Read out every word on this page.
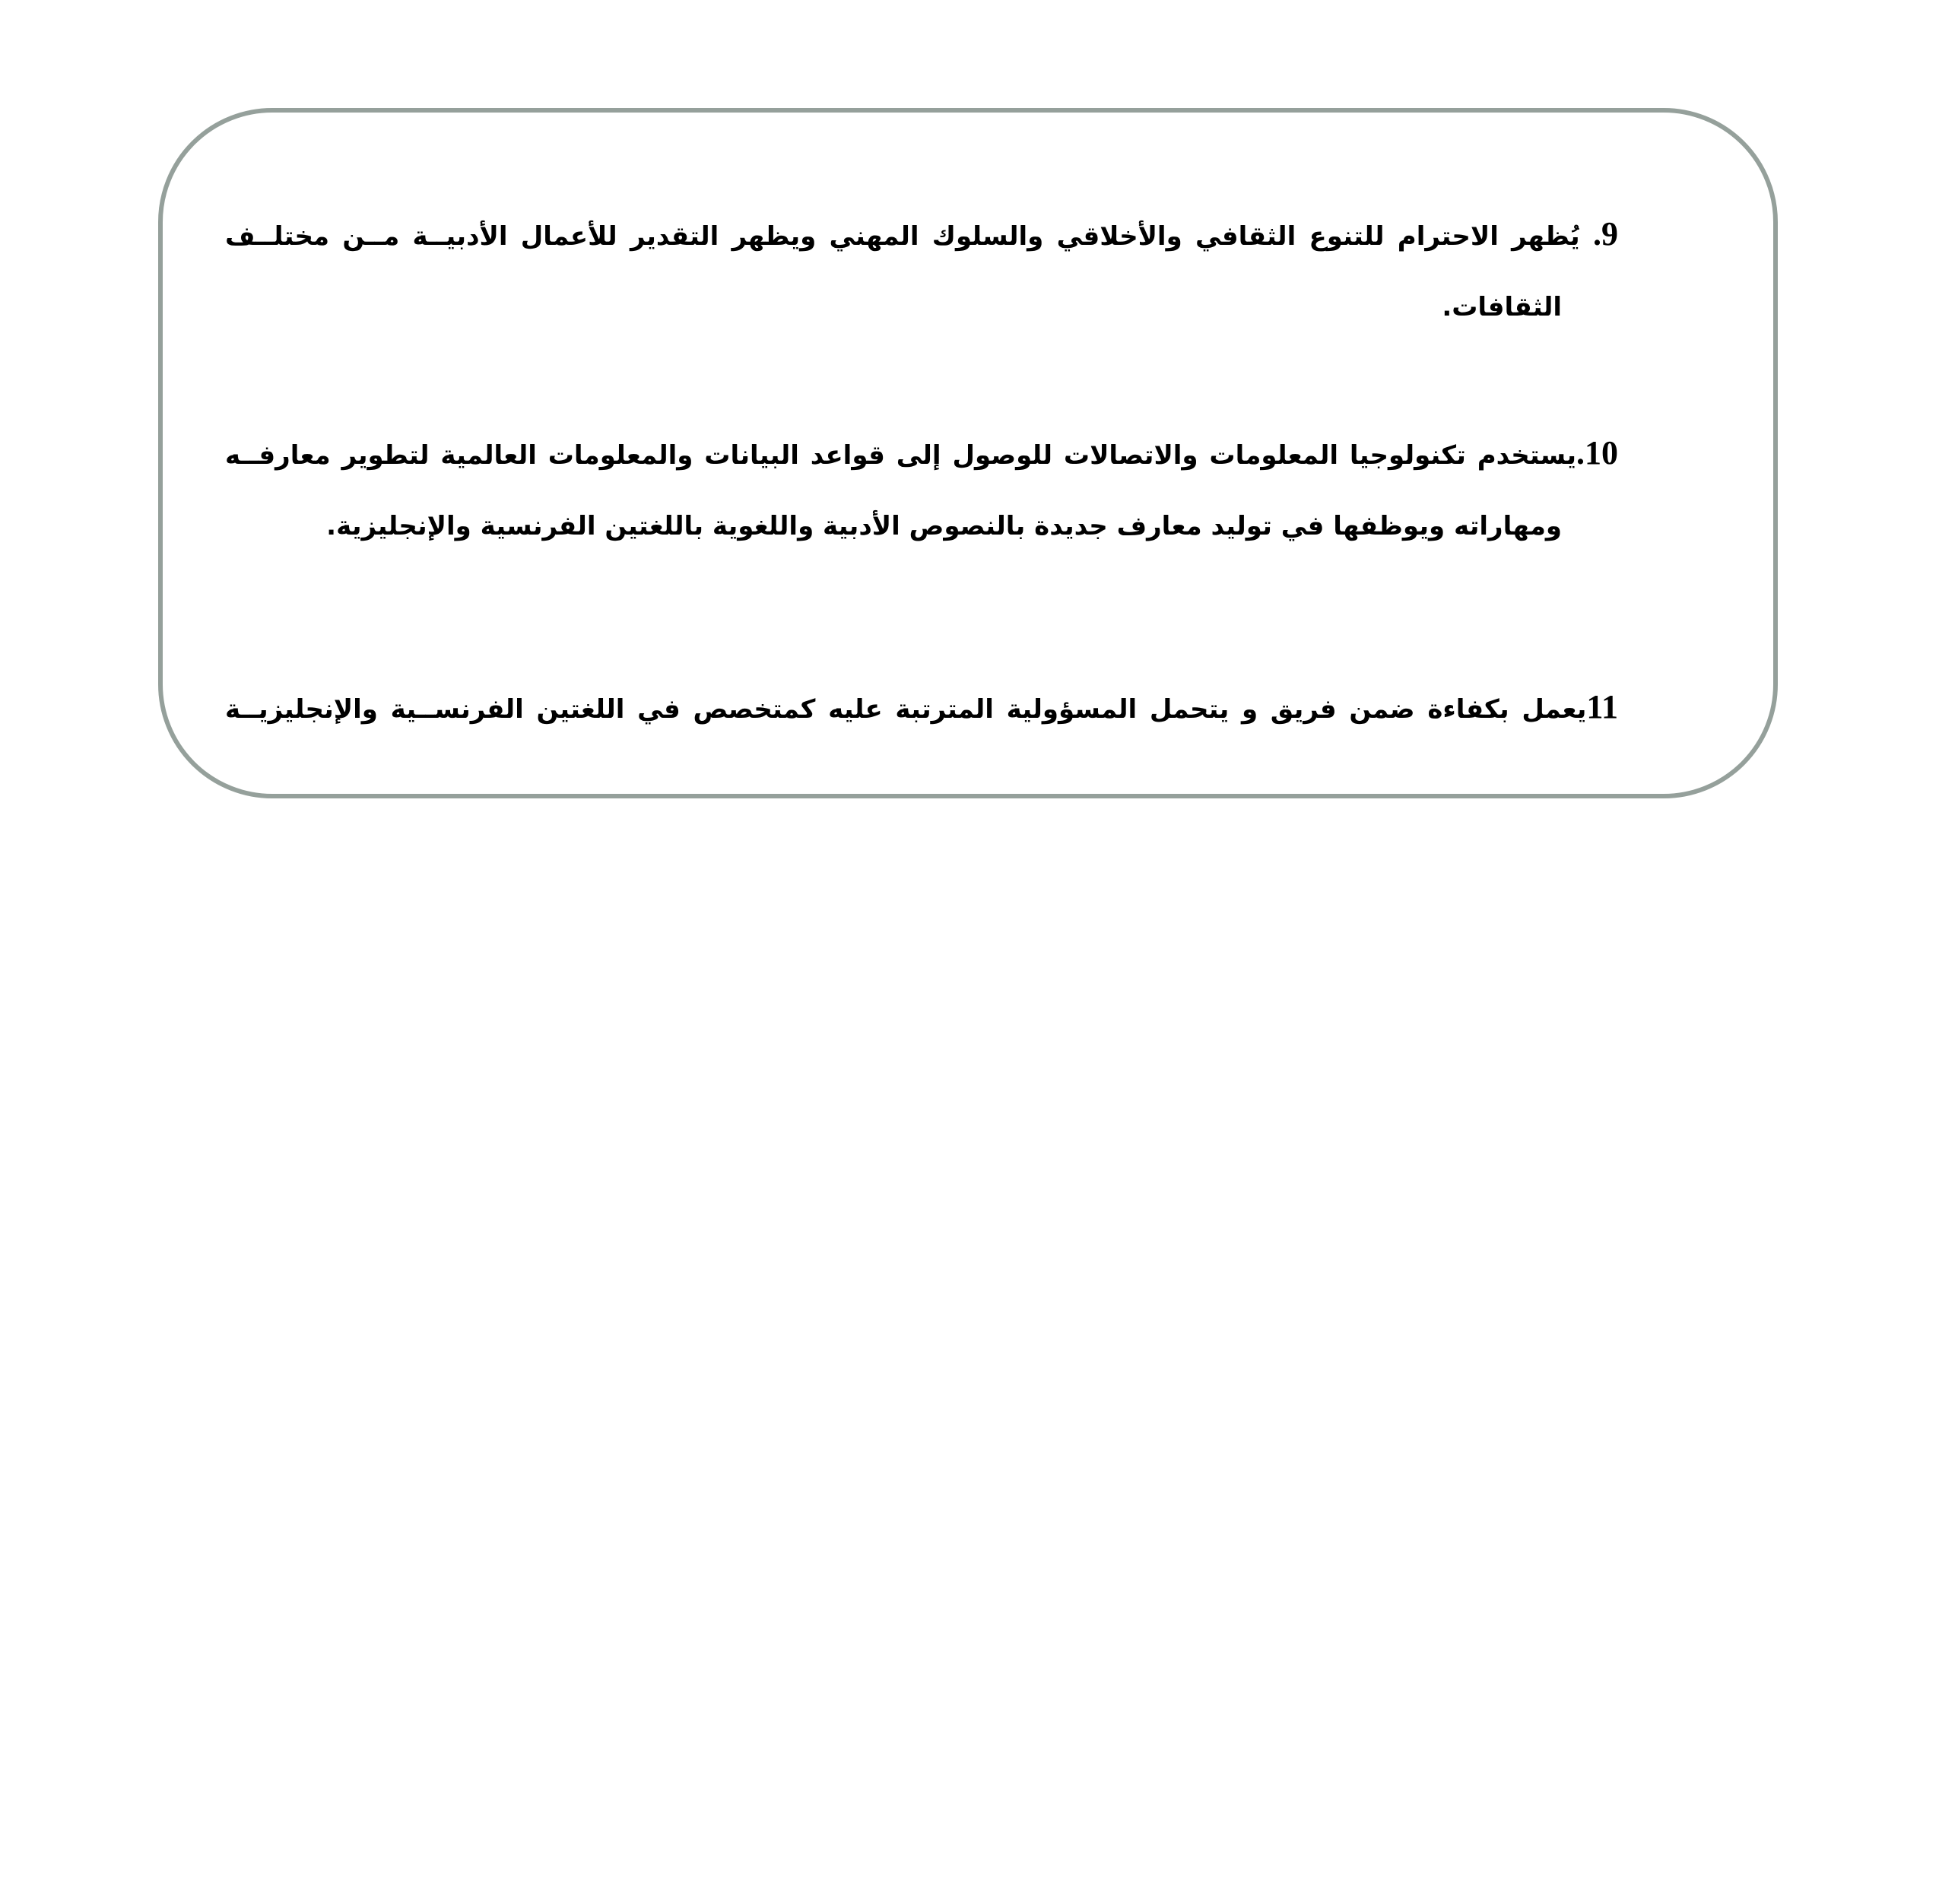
9. يُظهر الاحترام للتنوع الثقافي والأخلاقي والسلوك المهني ويظهر التقدير للأعمال الأدبيــة مــن مختلــف
الثقافات.
10.يستخدم تكنولوجيا المعلومات والاتصالات للوصول إلى قواعد البيانات والمعلومات العالمية لتطوير معارفــه
ومهاراته ويوظفها في توليد معارف جديدة بالنصوص الأدبية واللغوية باللغتين الفرنسية والإنجليزية.
11يعمل بكفاءة ضمن فريق و يتحمل المسؤولية المترتبة عليه كمتخصص في اللغتين الفرنســية والإنجليزيــة
